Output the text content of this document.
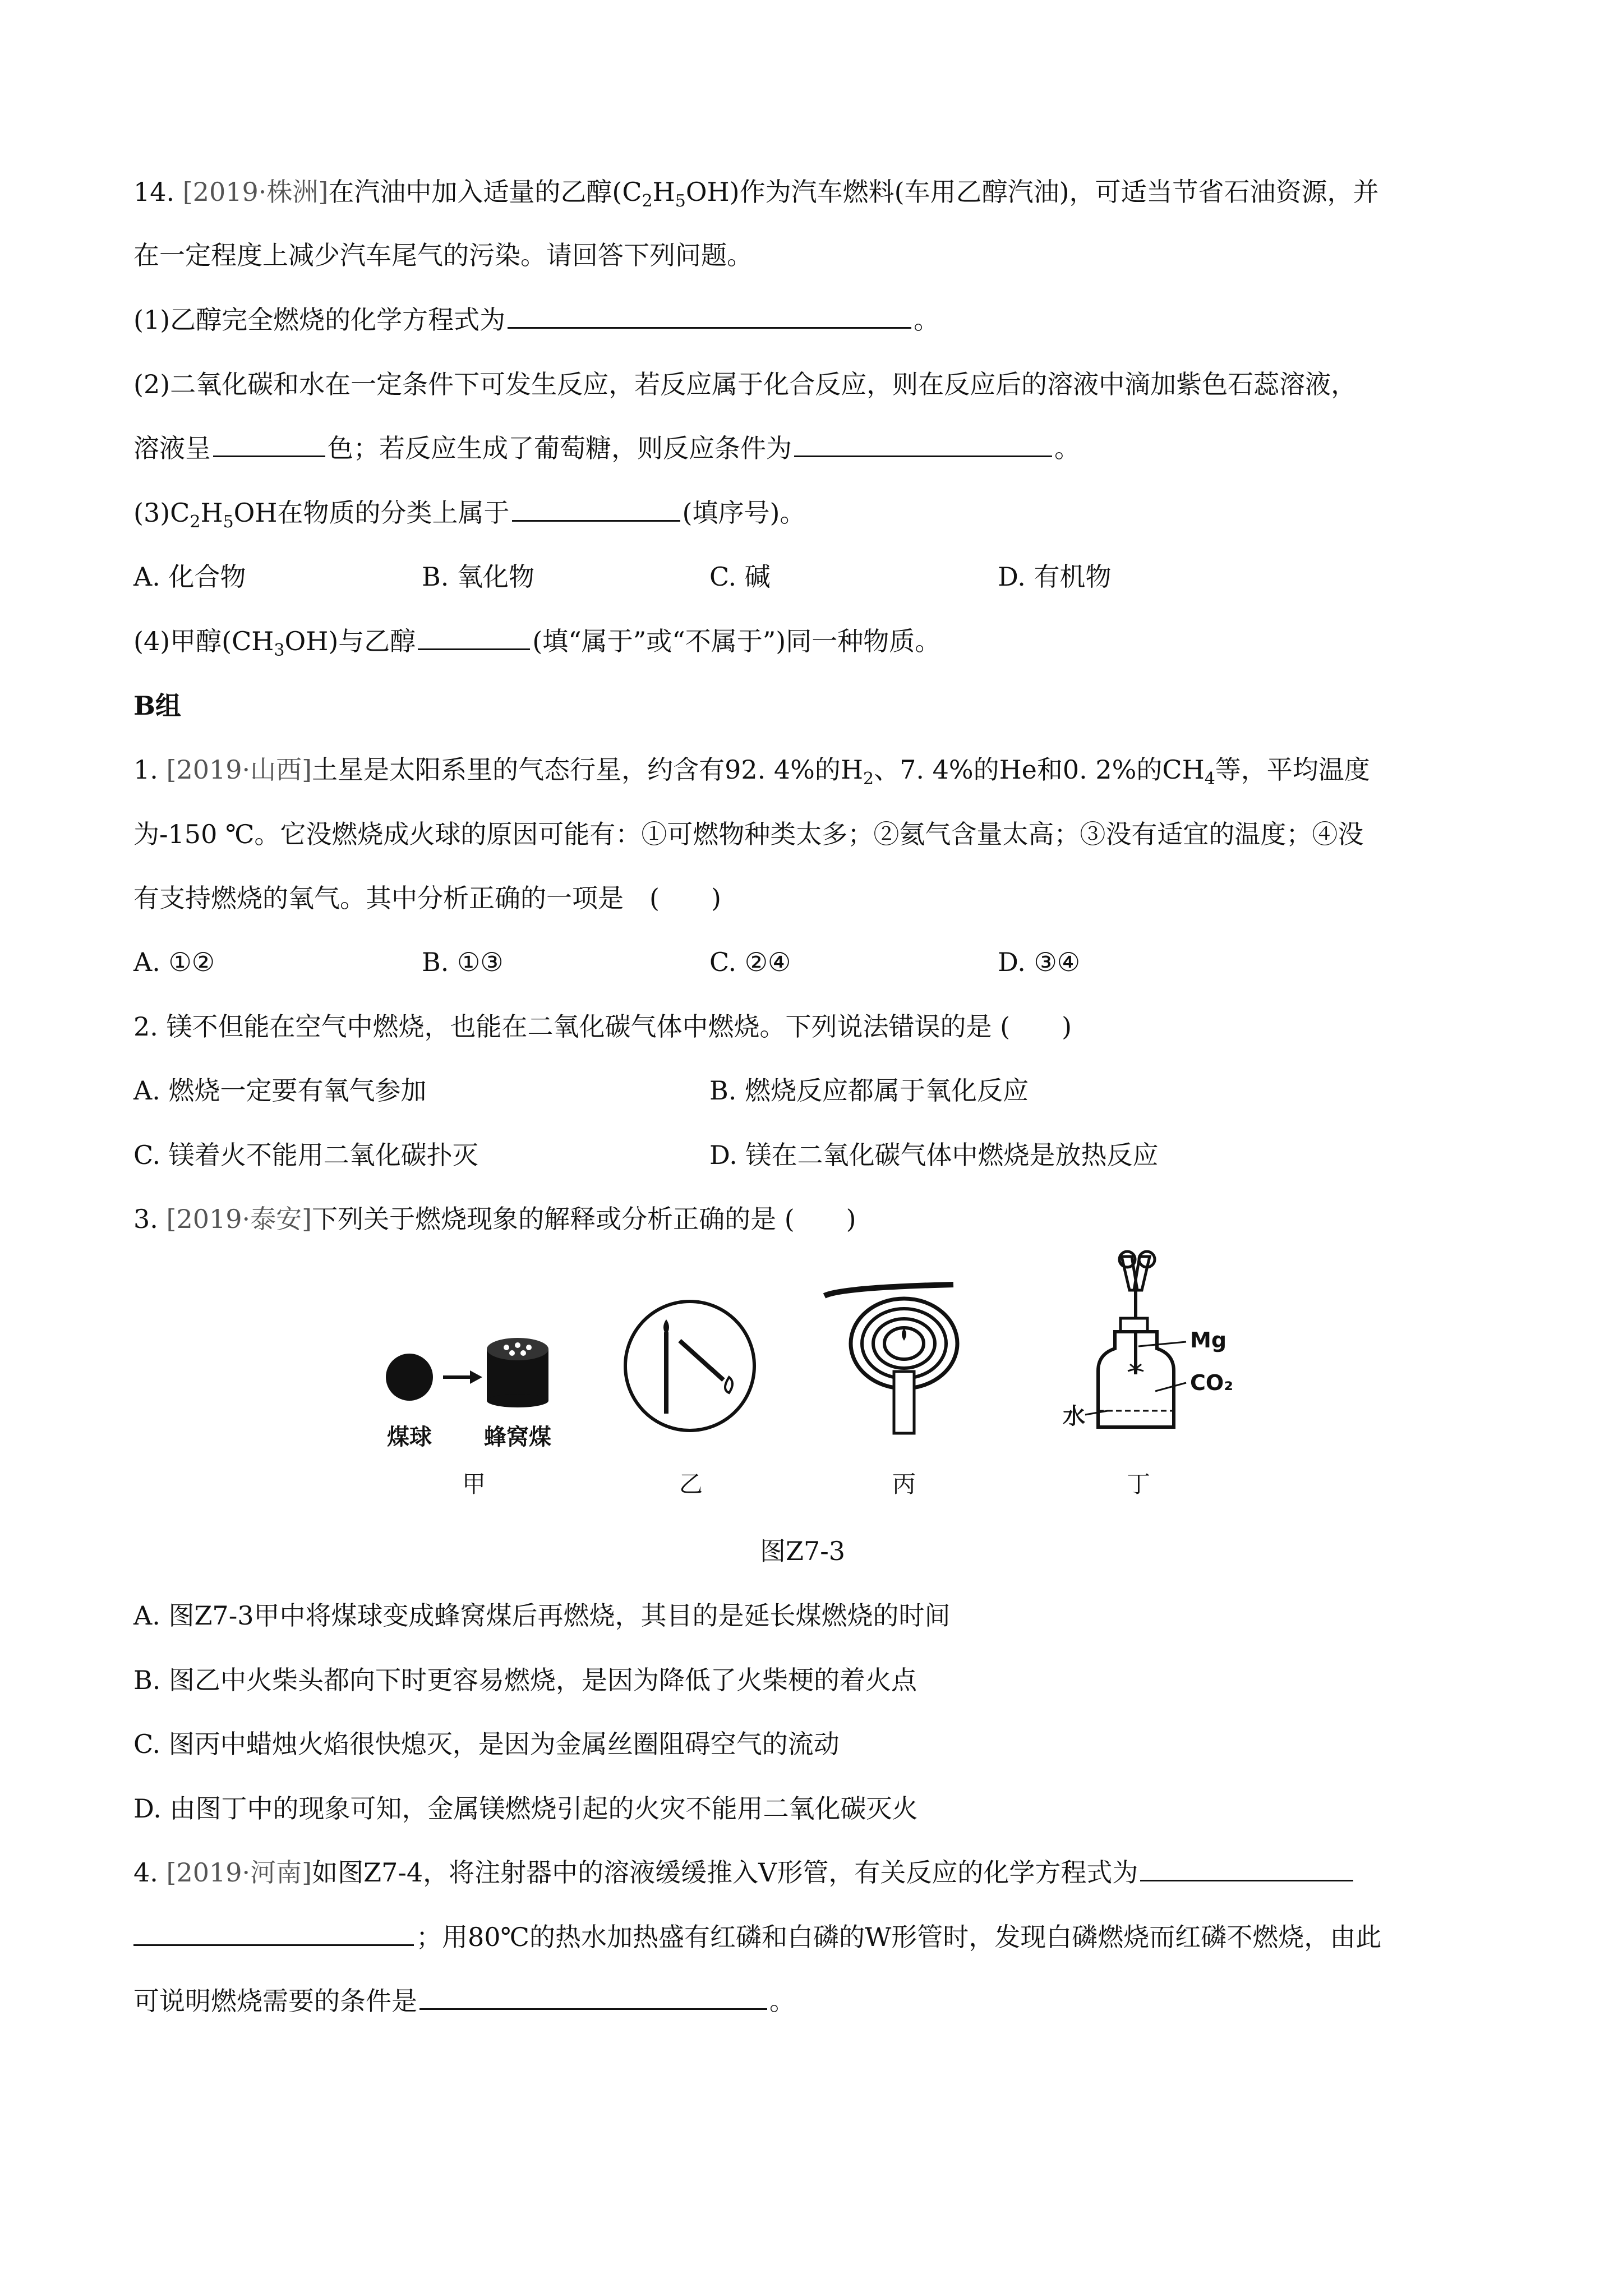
14. [2019·株洲]在汽油中加入适量的乙醇$(C_2H_5OH)$作为汽车燃料(车用乙醇汽油)，可适当节省石油资源，并
在一定程度上减少汽车尾气的污染。请回答下列问题。
(1)乙醇完全燃烧的化学方程式为	。
(2)二氧化碳和水在一定条件下可发生反应，若反应属于化合反应，则在反应后的溶液中滴加紫色石蕊溶液，
溶液呈	色；若反应生成了葡萄糖，则反应条件为	。
$(3)C_2H_5OH$在物质的分类上属于	(填序号)。
A. 化合物	B. 氧化物	C. 碱	D. 有机物
(4)甲醇$(CH_3OH)$与乙醇	(填“属于”或“不属于”)同一种物质。
B组
1. [2019·山西]土星是太阳系里的气态行星，约含有92. 4%的$H_2$、7. 4%的He和0. 2%的$CH_4$等，平均温度
为-150 ℃。它没燃烧成火球的原因可能有：①可燃物种类太多；②氦气含量太高；③没有适宜的温度；④没
有支持燃烧的氧气。其中分析正确的一项是　(　　)
A. ①②	B. ①③	C. ②④	D. ③④
2. 镁不但能在空气中燃烧，也能在二氧化碳气体中燃烧。下列说法错误的是 (　　)
A. 燃烧一定要有氧气参加	B. 燃烧反应都属于氧化反应
C. 镁着火不能用二氧化碳扑灭	D. 镁在二氧化碳气体中燃烧是放热反应
3. [2019·泰安]下列关于燃烧现象的解释或分析正确的是 (　　)
煤球 蜂窝煤
Mg
CO₂
水
甲	乙	丙	丁
图Z7-3
A. 图Z7-3甲中将煤球变成蜂窝煤后再燃烧，其目的是延长煤燃烧的时间
B. 图乙中火柴头都向下时更容易燃烧，是因为降低了火柴梗的着火点
C. 图丙中蜡烛火焰很快熄灭，是因为金属丝圈阻碍空气的流动
D. 由图丁中的现象可知，金属镁燃烧引起的火灾不能用二氧化碳灭火
4. [2019·河南]如图Z7-4，将注射器中的溶液缓缓推入V形管，有关反应的化学方程式为
；用80℃的热水加热盛有红磷和白磷的W形管时，发现白磷燃烧而红磷不燃烧，由此
可说明燃烧需要的条件是	。
